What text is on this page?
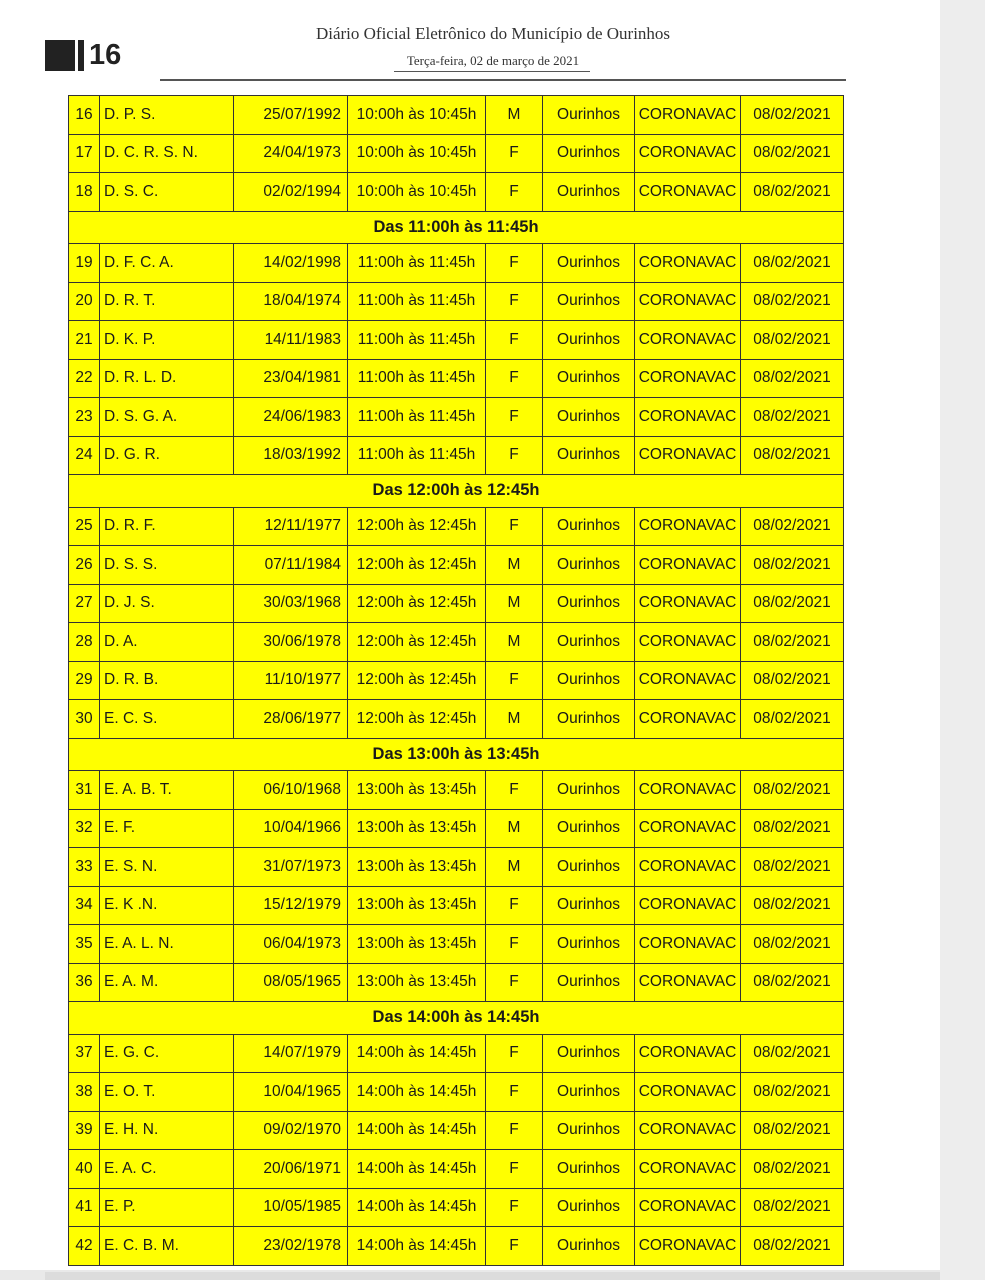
16
Diário Oficial Eletrônico do Município de Ourinhos
Terça-feira, 02 de março de 2021
16	D. P. S.	25/07/1992	10:00h às 10:45h	M	Ourinhos	CORONAVAC	08/02/2021
17	D. C. R. S. N.	24/04/1973	10:00h às 10:45h	F	Ourinhos	CORONAVAC	08/02/2021
18	D. S. C.	02/02/1994	10:00h às 10:45h	F	Ourinhos	CORONAVAC	08/02/2021
Das 11:00h às 11:45h							
19	D. F. C. A.	14/02/1998	11:00h às 11:45h	F	Ourinhos	CORONAVAC	08/02/2021
20	D. R. T.	18/04/1974	11:00h às 11:45h	F	Ourinhos	CORONAVAC	08/02/2021
21	D. K. P.	14/11/1983	11:00h às 11:45h	F	Ourinhos	CORONAVAC	08/02/2021
22	D. R. L. D.	23/04/1981	11:00h às 11:45h	F	Ourinhos	CORONAVAC	08/02/2021
23	D. S. G. A.	24/06/1983	11:00h às 11:45h	F	Ourinhos	CORONAVAC	08/02/2021
24	D. G. R.	18/03/1992	11:00h às 11:45h	F	Ourinhos	CORONAVAC	08/02/2021
Das 12:00h às 12:45h							
25	D. R. F.	12/11/1977	12:00h às 12:45h	F	Ourinhos	CORONAVAC	08/02/2021
26	D. S. S.	07/11/1984	12:00h às 12:45h	M	Ourinhos	CORONAVAC	08/02/2021
27	D. J. S.	30/03/1968	12:00h às 12:45h	M	Ourinhos	CORONAVAC	08/02/2021
28	D. A.	30/06/1978	12:00h às 12:45h	M	Ourinhos	CORONAVAC	08/02/2021
29	D. R. B.	11/10/1977	12:00h às 12:45h	F	Ourinhos	CORONAVAC	08/02/2021
30	E. C. S.	28/06/1977	12:00h às 12:45h	M	Ourinhos	CORONAVAC	08/02/2021
Das 13:00h às 13:45h							
31	E. A. B. T.	06/10/1968	13:00h às 13:45h	F	Ourinhos	CORONAVAC	08/02/2021
32	E. F.	10/04/1966	13:00h às 13:45h	M	Ourinhos	CORONAVAC	08/02/2021
33	E. S. N.	31/07/1973	13:00h às 13:45h	M	Ourinhos	CORONAVAC	08/02/2021
34	E. K .N.	15/12/1979	13:00h às 13:45h	F	Ourinhos	CORONAVAC	08/02/2021
35	E. A. L. N.	06/04/1973	13:00h às 13:45h	F	Ourinhos	CORONAVAC	08/02/2021
36	E. A. M.	08/05/1965	13:00h às 13:45h	F	Ourinhos	CORONAVAC	08/02/2021
Das 14:00h às 14:45h							
37	E. G. C.	14/07/1979	14:00h às 14:45h	F	Ourinhos	CORONAVAC	08/02/2021
38	E. O. T.	10/04/1965	14:00h às 14:45h	F	Ourinhos	CORONAVAC	08/02/2021
39	E. H. N.	09/02/1970	14:00h às 14:45h	F	Ourinhos	CORONAVAC	08/02/2021
40	E. A. C.	20/06/1971	14:00h às 14:45h	F	Ourinhos	CORONAVAC	08/02/2021
41	E. P.	10/05/1985	14:00h às 14:45h	F	Ourinhos	CORONAVAC	08/02/2021
42	E. C. B. M.	23/02/1978	14:00h às 14:45h	F	Ourinhos	CORONAVAC	08/02/2021
